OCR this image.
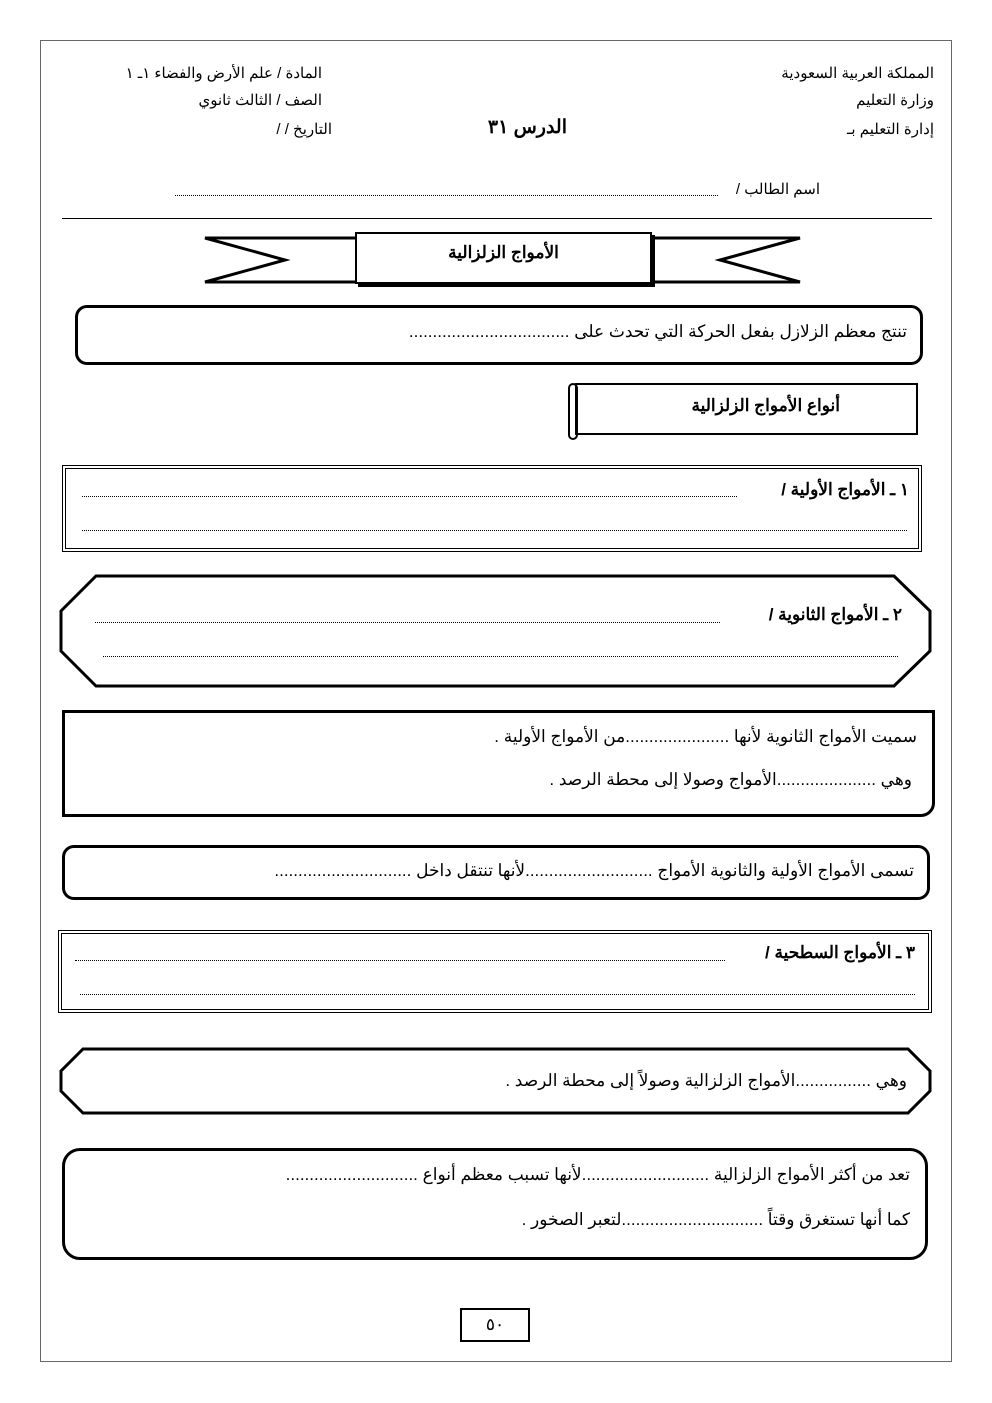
المملكة العربية السعودية
وزارة التعليم
إدارة التعليم بـ
المادة / علم الأرض والفضاء ١ـ ١
الصف / الثالث ثانوي
التاريخ / /	الدرس ٣١
اسم الطالب /
الأمواج الزلزالية
تنتج معظم الزلازل بفعل الحركة التي تحدث على ..................................
أنواع الأمواج الزلزالية
١ ـ الأمواج الأولية /
٢ ـ الأمواج الثانوية /
سميت الأمواج الثانوية لأنها ......................من الأمواج الأولية .
وهي .....................الأمواج وصولا إلى محطة الرصد .
تسمى الأمواج الأولية والثانوية الأمواج ...........................لأنها تنتقل داخل .............................
٣ ـ الأمواج السطحية /
وهي ................الأمواج الزلزالية وصولاً إلى محطة الرصد .
تعد من أكثر الأمواج الزلزالية ...........................لأنها تسبب معظم أنواع ............................
كما أنها تستغرق وقتاً ..............................لتعبر الصخور .
٥٠
